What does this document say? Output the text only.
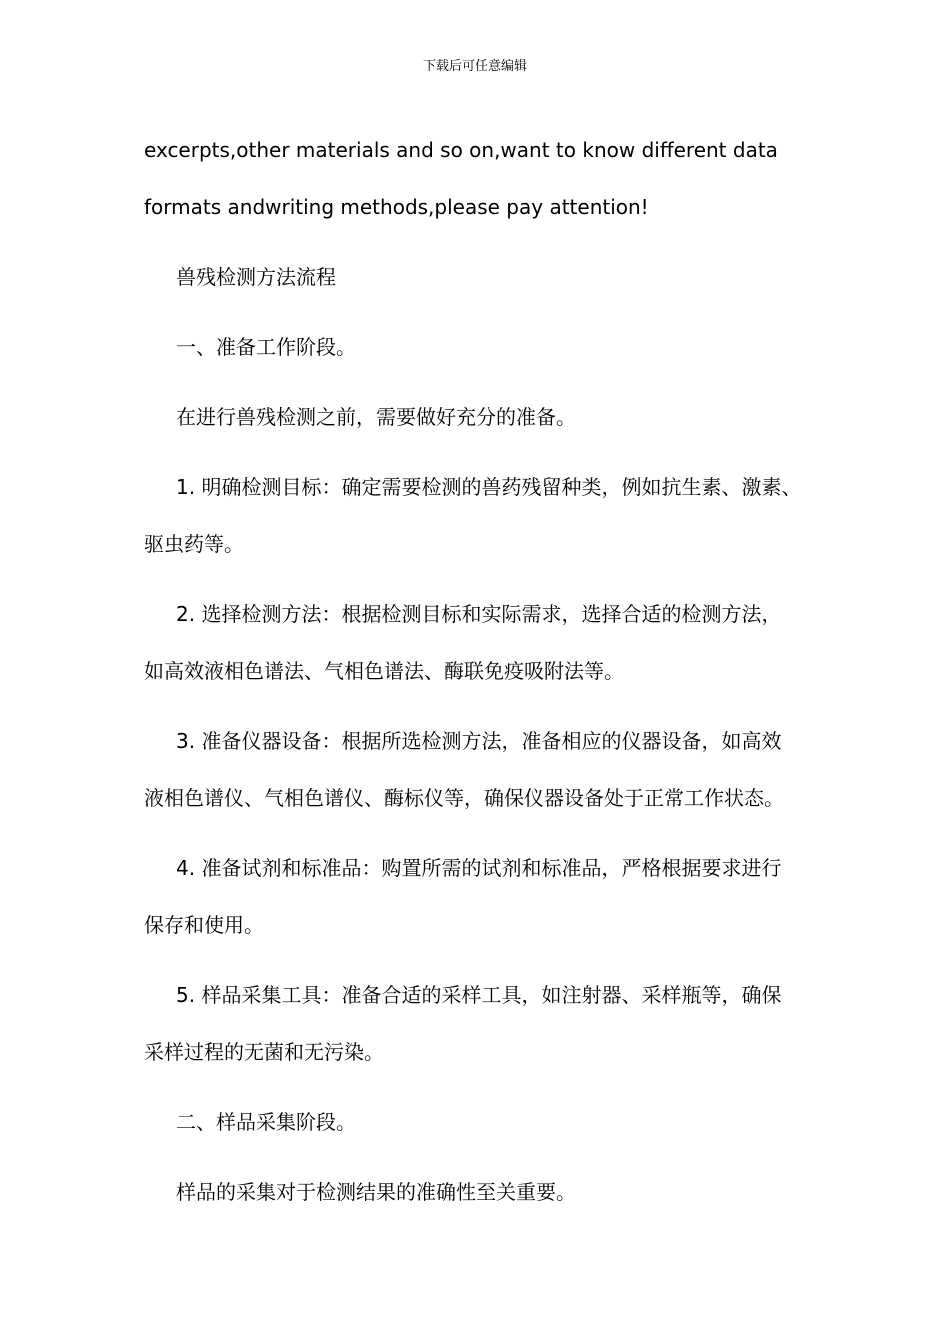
下载后可任意编辑
excerpts,other materials and so on,want to know different data
formats andwriting methods,please pay attention!
兽残检测方法流程
一、准备工作阶段。
在进行兽残检测之前，需要做好充分的准备。
1. 明确检测目标：确定需要检测的兽药残留种类，例如抗生素、激素、
驱虫药等。
2. 选择检测方法：根据检测目标和实际需求，选择合适的检测方法，
如高效液相色谱法、气相色谱法、酶联免疫吸附法等。
3. 准备仪器设备：根据所选检测方法，准备相应的仪器设备，如高效
液相色谱仪、气相色谱仪、酶标仪等，确保仪器设备处于正常工作状态。
4. 准备试剂和标准品：购置所需的试剂和标准品，严格根据要求进行
保存和使用。
5. 样品采集工具：准备合适的采样工具，如注射器、采样瓶等，确保
采样过程的无菌和无污染。
二、样品采集阶段。
样品的采集对于检测结果的准确性至关重要。
